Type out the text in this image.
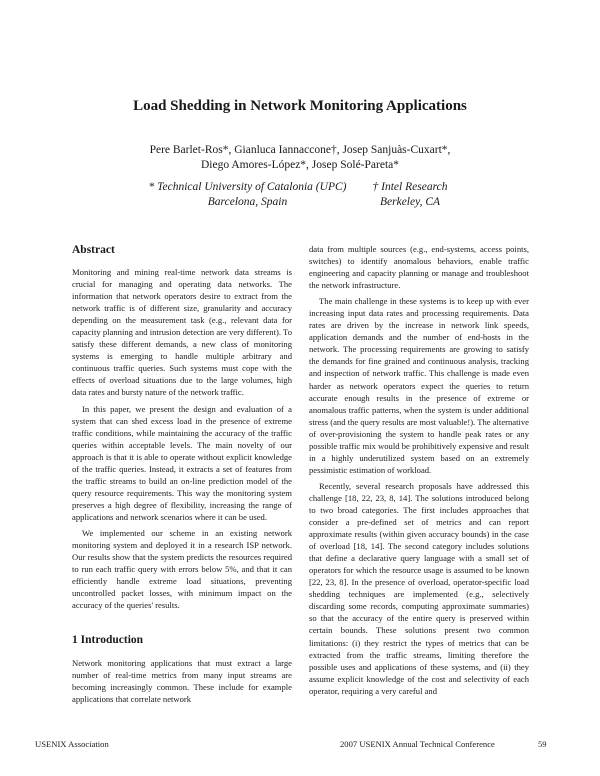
Load Shedding in Network Monitoring Applications
Pere Barlet-Ros*, Gianluca Iannaccone†, Josep Sanjuàs-Cuxart*,
Diego Amores-López*, Josep Solé-Pareta*
* Technical University of Catalonia (UPC)
Barcelona, Spain
† Intel Research
Berkeley, CA
Abstract

Monitoring and mining real-time network data streams is crucial for managing and operating data networks. The information that network operators desire to extract from the network traffic is of different size, granularity and accuracy depending on the measurement task (e.g., relevant data for capacity planning and intrusion detection are very different). To satisfy these different demands, a new class of monitoring systems is emerging to handle multiple arbitrary and continuous traffic queries. Such systems must cope with the effects of overload situations due to the large volumes, high data rates and bursty nature of the network traffic.

In this paper, we present the design and evaluation of a system that can shed excess load in the presence of extreme traffic conditions, while maintaining the accuracy of the traffic queries within acceptable levels. The main novelty of our approach is that it is able to operate without explicit knowledge of the traffic queries. Instead, it extracts a set of features from the traffic streams to build an on-line prediction model of the query resource requirements. This way the monitoring system preserves a high degree of flexibility, increasing the range of applications and network scenarios where it can be used.

We implemented our scheme in an existing network monitoring system and deployed it in a research ISP network. Our results show that the system predicts the resources required to run each traffic query with errors below 5%, and that it can efficiently handle extreme load situations, preventing uncontrolled packet losses, with minimum impact on the accuracy of the queries' results.

1 Introduction

Network monitoring applications that must extract a large number of real-time metrics from many input streams are becoming increasingly common. These include for example applications that correlate network

data from multiple sources (e.g., end-systems, access points, switches) to identify anomalous behaviors, enable traffic engineering and capacity planning or manage and troubleshoot the network infrastructure.

The main challenge in these systems is to keep up with ever increasing input data rates and processing requirements. Data rates are driven by the increase in network link speeds, application demands and the number of end-hosts in the network. The processing requirements are growing to satisfy the demands for fine grained and continuous analysis, tracking and inspection of network traffic. This challenge is made even harder as network operators expect the queries to return accurate enough results in the presence of extreme or anomalous traffic patterns, when the system is under additional stress (and the query results are most valuable!). The alternative of over-provisioning the system to handle peak rates or any possible traffic mix would be prohibitively expensive and result in a highly underutilized system based on an extremely pessimistic estimation of workload.

Recently, several research proposals have addressed this challenge [18, 22, 23, 8, 14]. The solutions introduced belong to two broad categories. The first includes approaches that consider a pre-defined set of metrics and can report approximate results (within given accuracy bounds) in the case of overload [18, 14]. The second category includes solutions that define a declarative query language with a small set of operators for which the resource usage is assumed to be known [22, 23, 8]. In the presence of overload, operator-specific load shedding techniques are implemented (e.g., selectively discarding some records, computing approximate summaries) so that the accuracy of the entire query is preserved within certain bounds. These solutions present two common limitations: (i) they restrict the types of metrics that can be extracted from the traffic streams, limiting therefore the possible uses and applications of these systems, and (ii) they assume explicit knowledge of the cost and selectivity of each operator, requiring a very careful and

USENIX Association	2007 USENIX Annual Technical Conference	59
